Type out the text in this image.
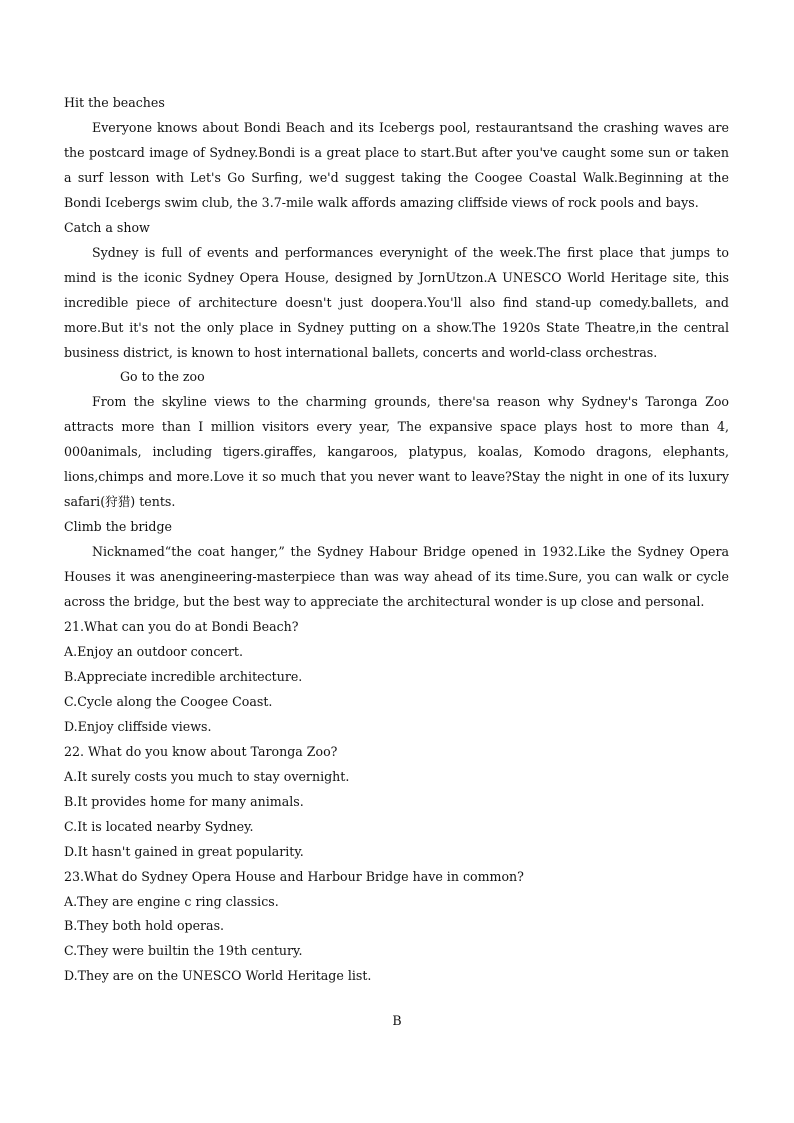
Hit the beaches

Everyone knows about Bondi Beach and its Icebergs pool, restaurantsand the crashing waves are the postcard image of Sydney.Bondi is a great place to start.But after you've caught some sun or taken a surf lesson with Let's Go Surfing, we'd suggest taking the Coogee Coastal Walk.Beginning at the Bondi Icebergs swim club, the 3.7-mile walk affords amazing cliffside views of rock pools and bays.

Catch a show

Sydney is full of events and performances everynight of the week.The first place that jumps to mind is the iconic Sydney Opera House, designed by JornUtzon.A UNESCO World Heritage site, this incredible piece of architecture doesn't just doopera.You'll also find stand-up comedy.ballets, and more.But it's not the only place in Sydney putting on a show.The 1920s State Theatre,in the central business district, is known to host international ballets, concerts and world-class orchestras.

Go to the zoo

From the skyline views to the charming grounds, there'sa reason why Sydney's Taronga Zoo attracts more than I million visitors every year, The expansive space plays host to more than 4, 000animals, including tigers.giraffes, kangaroos, platypus, koalas, Komodo dragons, elephants, lions,chimps and more.Love it so much that you never want to leave?Stay the night in one of its luxury safari(狩猎) tents.

Climb the bridge

Nicknamed“the coat hanger,” the Sydney Habour Bridge opened in 1932.Like the Sydney Opera Houses it was anengineering-masterpiece than was way ahead of its time.Sure, you can walk or cycle across the bridge, but the best way to appreciate the architectural wonder is up close and personal.

21.What can you do at Bondi Beach?

A.Enjoy an outdoor concert.

B.Appreciate incredible architecture.

C.Cycle along the Coogee Coast.

D.Enjoy cliffside views.

22. What do you know about Taronga Zoo?

A.It surely costs you much to stay overnight.

B.It provides home for many animals.

C.It is located nearby Sydney.

D.It hasn't gained in great popularity.

23.What do Sydney Opera House and Harbour Bridge have in common?

A.They are engine c ring classics.

B.They both hold operas.

C.They were builtin the 19th century.

D.They are on the UNESCO World Heritage list.

B
